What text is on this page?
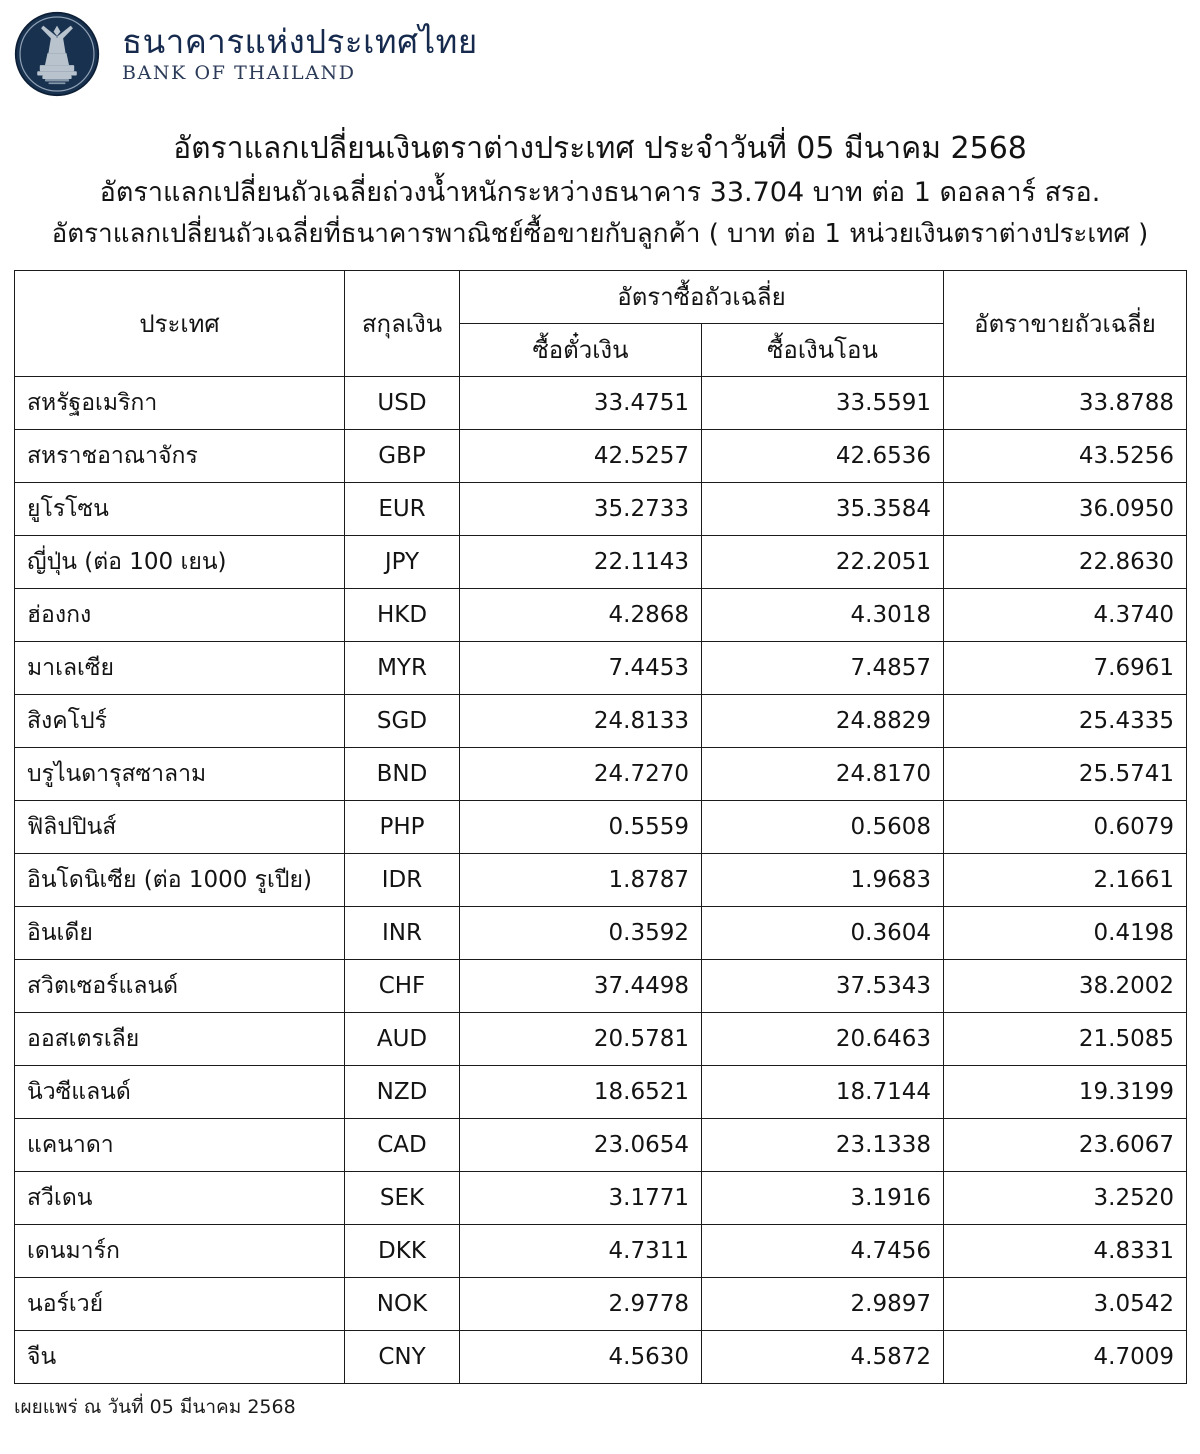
ธนาคารแห่งประเทศไทย
BANK OF THAILAND
อัตราแลกเปลี่ยนเงินตราต่างประเทศ ประจำวันที่ 05 มีนาคม 2568
อัตราแลกเปลี่ยนถัวเฉลี่ยถ่วงน้ำหนักระหว่างธนาคาร 33.704 บาท ต่อ 1 ดอลลาร์ สรอ.
อัตราแลกเปลี่ยนถัวเฉลี่ยที่ธนาคารพาณิชย์ซื้อขายกับลูกค้า ( บาท ต่อ 1 หน่วยเงินตราต่างประเทศ )
ประเทศ	สกุลเงิน	อัตราซื้อถัวเฉลี่ย		อัตราขายถัวเฉลี่ย
		ซื้อตั๋วเงิน	ซื้อเงินโอน	
สหรัฐอเมริกา	USD	33.4751	33.5591	33.8788
สหราชอาณาจักร	GBP	42.5257	42.6536	43.5256
ยูโรโซน	EUR	35.2733	35.3584	36.0950
ญี่ปุ่น (ต่อ 100 เยน)	JPY	22.1143	22.2051	22.8630
ฮ่องกง	HKD	4.2868	4.3018	4.3740
มาเลเซีย	MYR	7.4453	7.4857	7.6961
สิงคโปร์	SGD	24.8133	24.8829	25.4335
บรูไนดารุสซาลาม	BND	24.7270	24.8170	25.5741
ฟิลิปปินส์	PHP	0.5559	0.5608	0.6079
อินโดนิเซีย (ต่อ 1000 รูเปีย)	IDR	1.8787	1.9683	2.1661
อินเดีย	INR	0.3592	0.3604	0.4198
สวิตเซอร์แลนด์	CHF	37.4498	37.5343	38.2002
ออสเตรเลีย	AUD	20.5781	20.6463	21.5085
นิวซีแลนด์	NZD	18.6521	18.7144	19.3199
แคนาดา	CAD	23.0654	23.1338	23.6067
สวีเดน	SEK	3.1771	3.1916	3.2520
เดนมาร์ก	DKK	4.7311	4.7456	4.8331
นอร์เวย์	NOK	2.9778	2.9897	3.0542
จีน	CNY	4.5630	4.5872	4.7009
เผยแพร่ ณ วันที่ 05 มีนาคม 2568
